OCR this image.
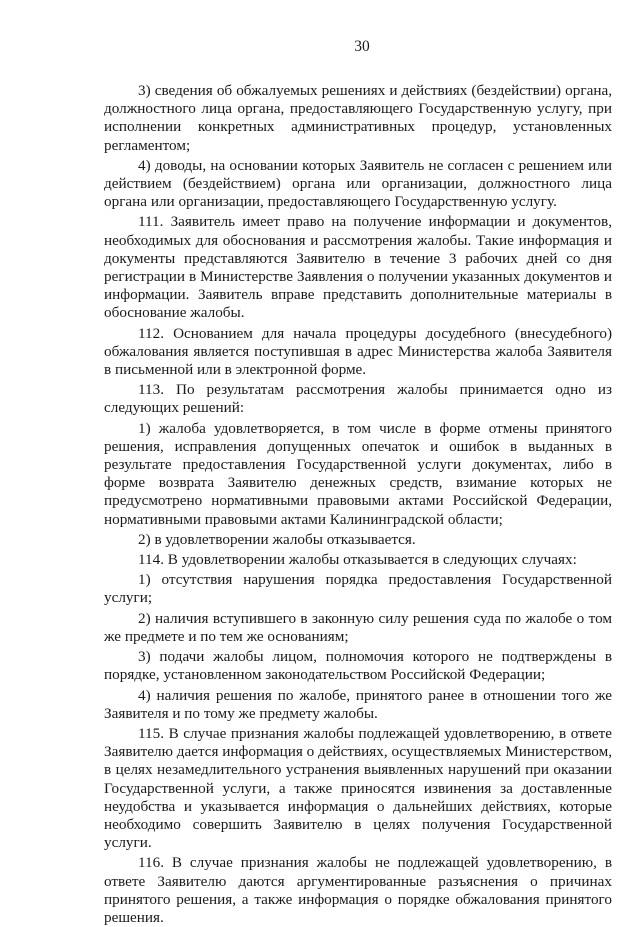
30

3) сведения об обжалуемых решениях и действиях (бездействии) органа, должностного лица органа, предоставляющего Государственную услугу, при исполнении конкретных административных процедур, установленных регламентом;

4) доводы, на основании которых Заявитель не согласен с решением или действием (бездействием) органа или организации, должностного лица органа или организации, предоставляющего Государственную услугу.

111. Заявитель имеет право на получение информации и документов, необходимых для обоснования и рассмотрения жалобы. Такие информация и документы представляются Заявителю в течение 3 рабочих дней со дня регистрации в Министерстве Заявления о получении указанных документов и информации. Заявитель вправе представить дополнительные материалы в обоснование жалобы.

112. Основанием для начала процедуры досудебного (внесудебного) обжалования является поступившая в адрес Министерства жалоба Заявителя в письменной или в электронной форме.

113. По результатам рассмотрения жалобы принимается одно из следующих решений:

1) жалоба удовлетворяется, в том числе в форме отмены принятого решения, исправления допущенных опечаток и ошибок в выданных в результате предоставления Государственной услуги документах, либо в форме возврата Заявителю денежных средств, взимание которых не предусмотрено нормативными правовыми актами Российской Федерации, нормативными правовыми актами Калининградской области;

2) в удовлетворении жалобы отказывается.

114. В удовлетворении жалобы отказывается в следующих случаях:

1) отсутствия нарушения порядка предоставления Государственной услуги;

2) наличия вступившего в законную силу решения суда по жалобе о том же предмете и по тем же основаниям;

3) подачи жалобы лицом, полномочия которого не подтверждены в порядке, установленном законодательством Российской Федерации;

4) наличия решения по жалобе, принятого ранее в отношении того же Заявителя и по тому же предмету жалобы.

115. В случае признания жалобы подлежащей удовлетворению, в ответе Заявителю дается информация о действиях, осуществляемых Министерством, в целях незамедлительного устранения выявленных нарушений при оказании Государственной услуги, а также приносятся извинения за доставленные неудобства и указывается информация о дальнейших действиях, которые необходимо совершить Заявителю в целях получения Государственной услуги.

116. В случае признания жалобы не подлежащей удовлетворению, в ответе Заявителю даются аргументированные разъяснения о причинах принятого решения, а также информация о порядке обжалования принятого решения.
